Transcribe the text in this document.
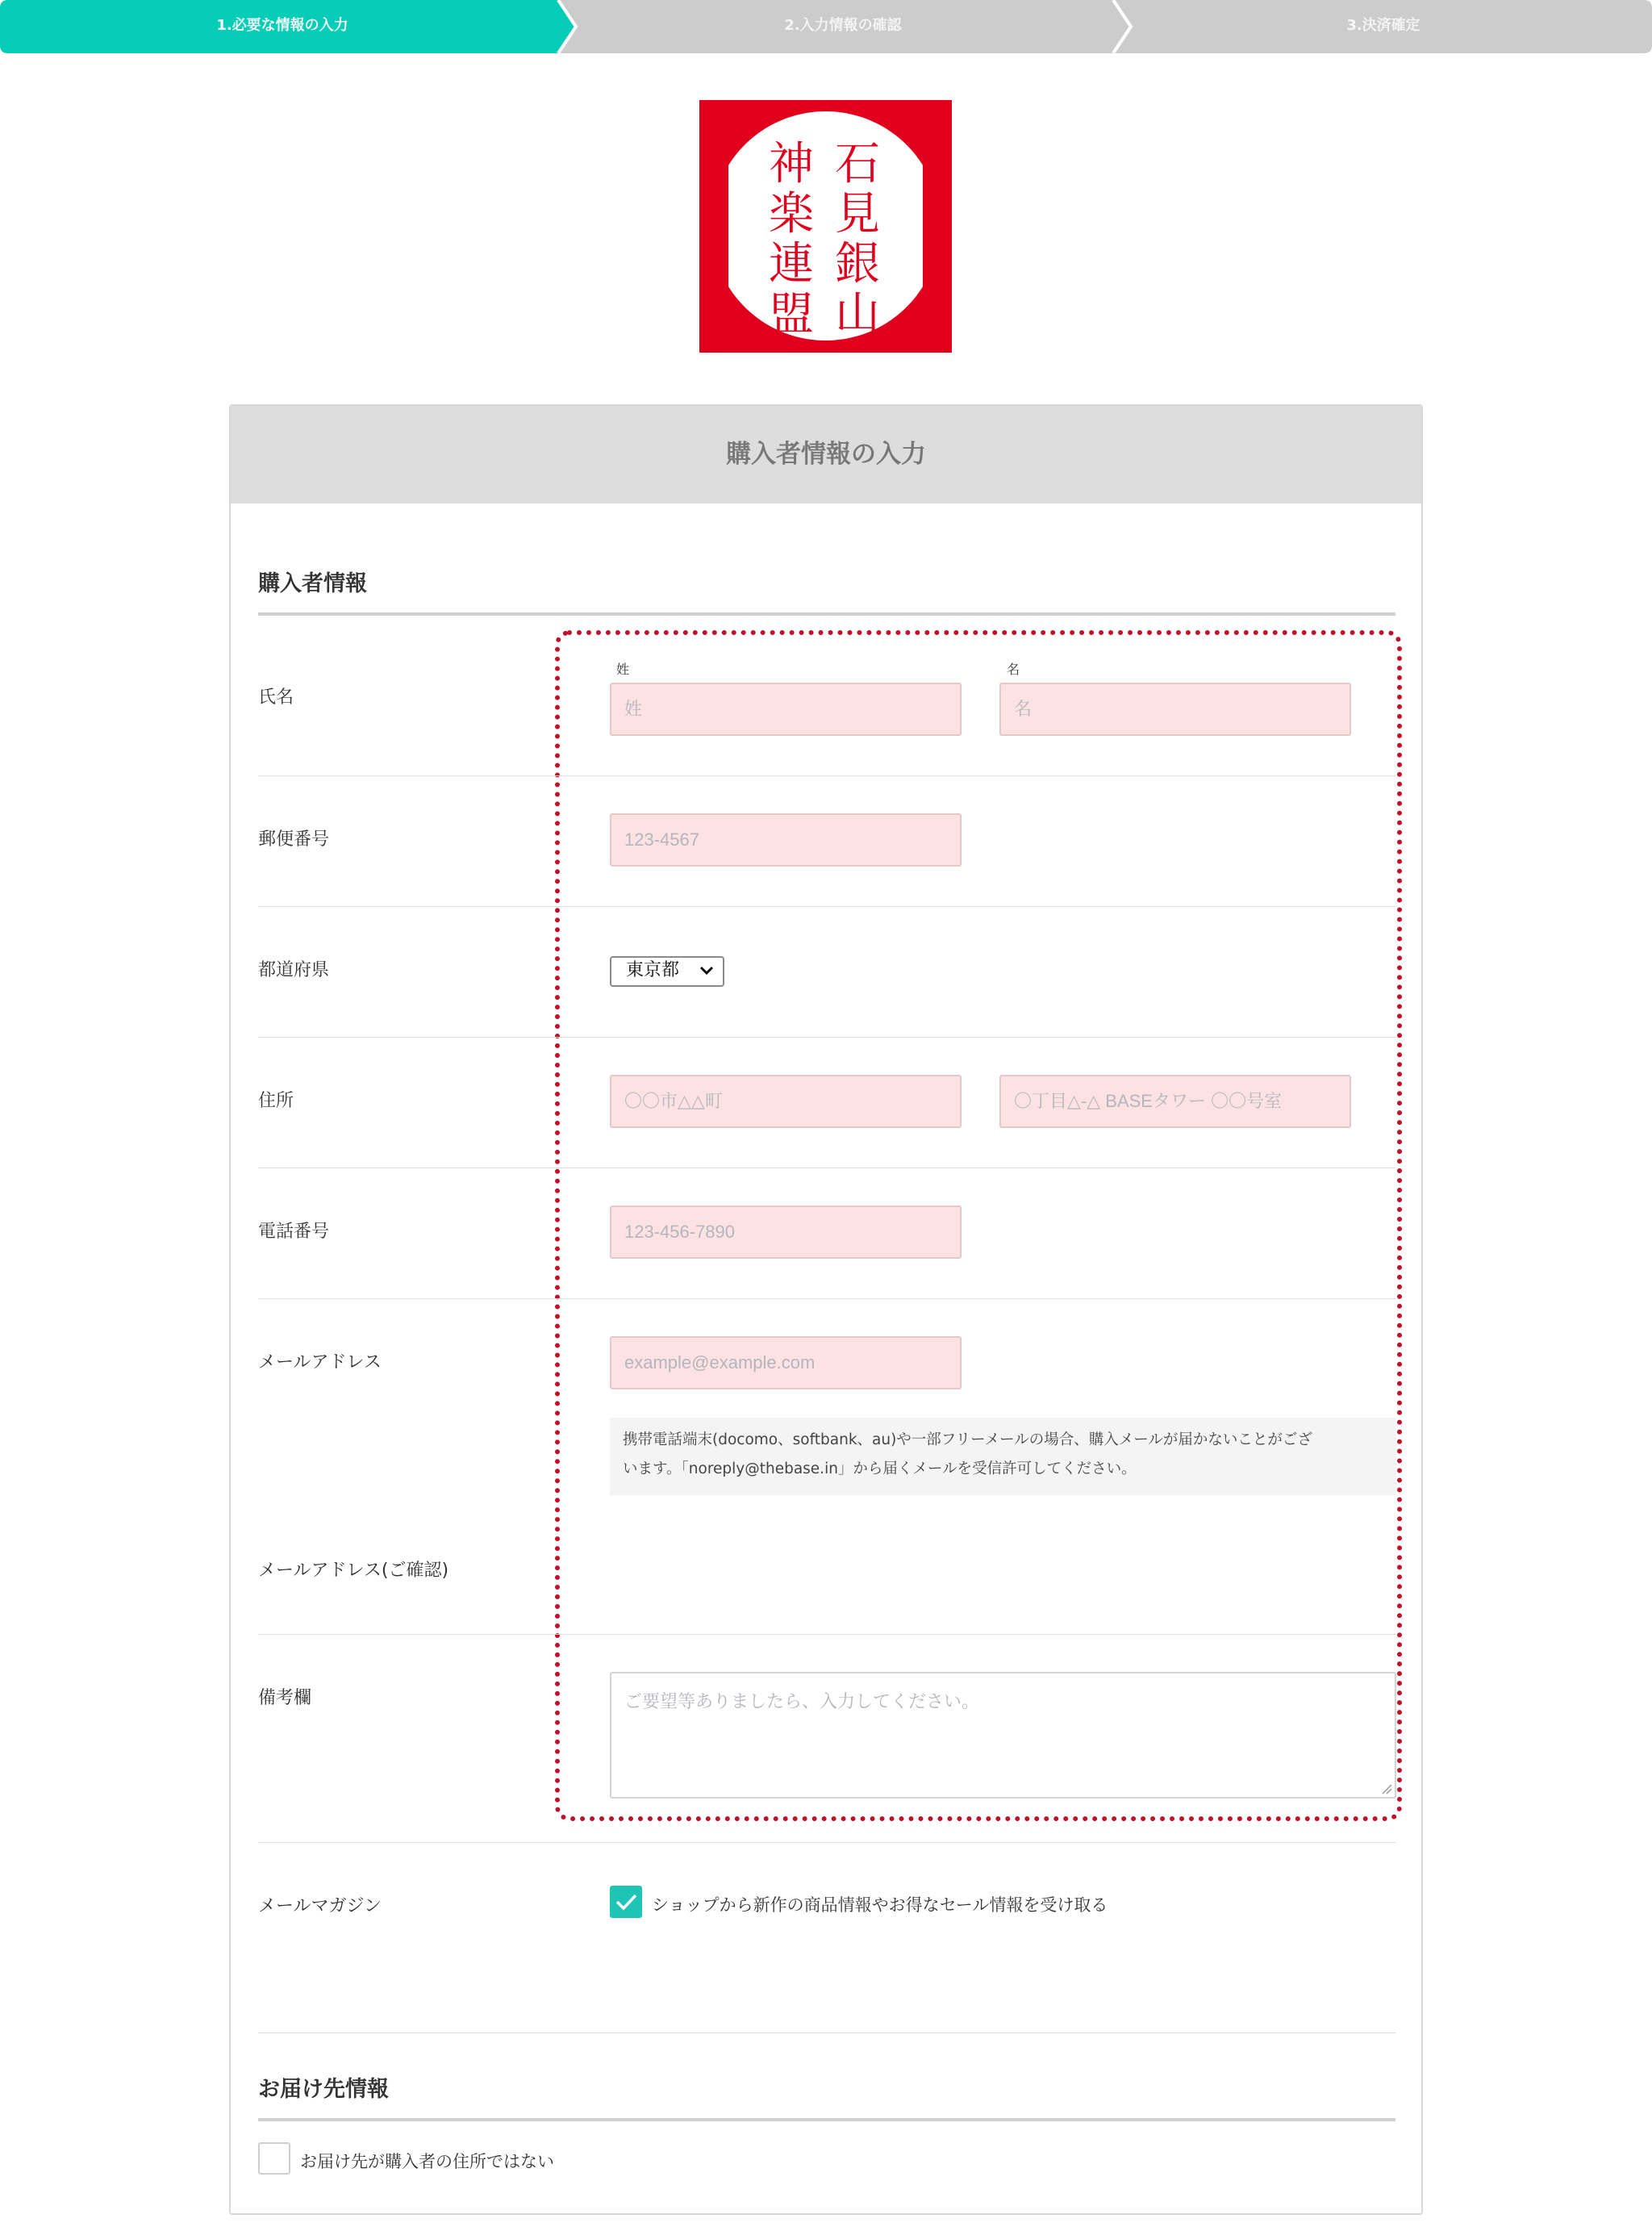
1.必要な情報の入力	2.入力情報の確認	3.決済確定
石
見
銀
山
神
楽
連
盟
購入者情報の入力
購入者情報
氏名
姓	名
姓	名
郵便番号	123-4567
都道府県	東京都
住所	〇〇市△△町	〇丁目△-△ BASEタワー 〇〇号室
電話番号	123-456-7890
メールアドレス	example@example.com
携帯電話端末(docomo、softbank、au)や一部フリーメールの場合、購入メールが届かないことがござ
います。「noreply@thebase.in」から届くメールを受信許可してください。
メールアドレス(ご確認)
備考欄	ご要望等ありましたら、入力してください。
メールマガジン	ショップから新作の商品情報やお得なセール情報を受け取る
お届け先情報
お届け先が購入者の住所ではない
